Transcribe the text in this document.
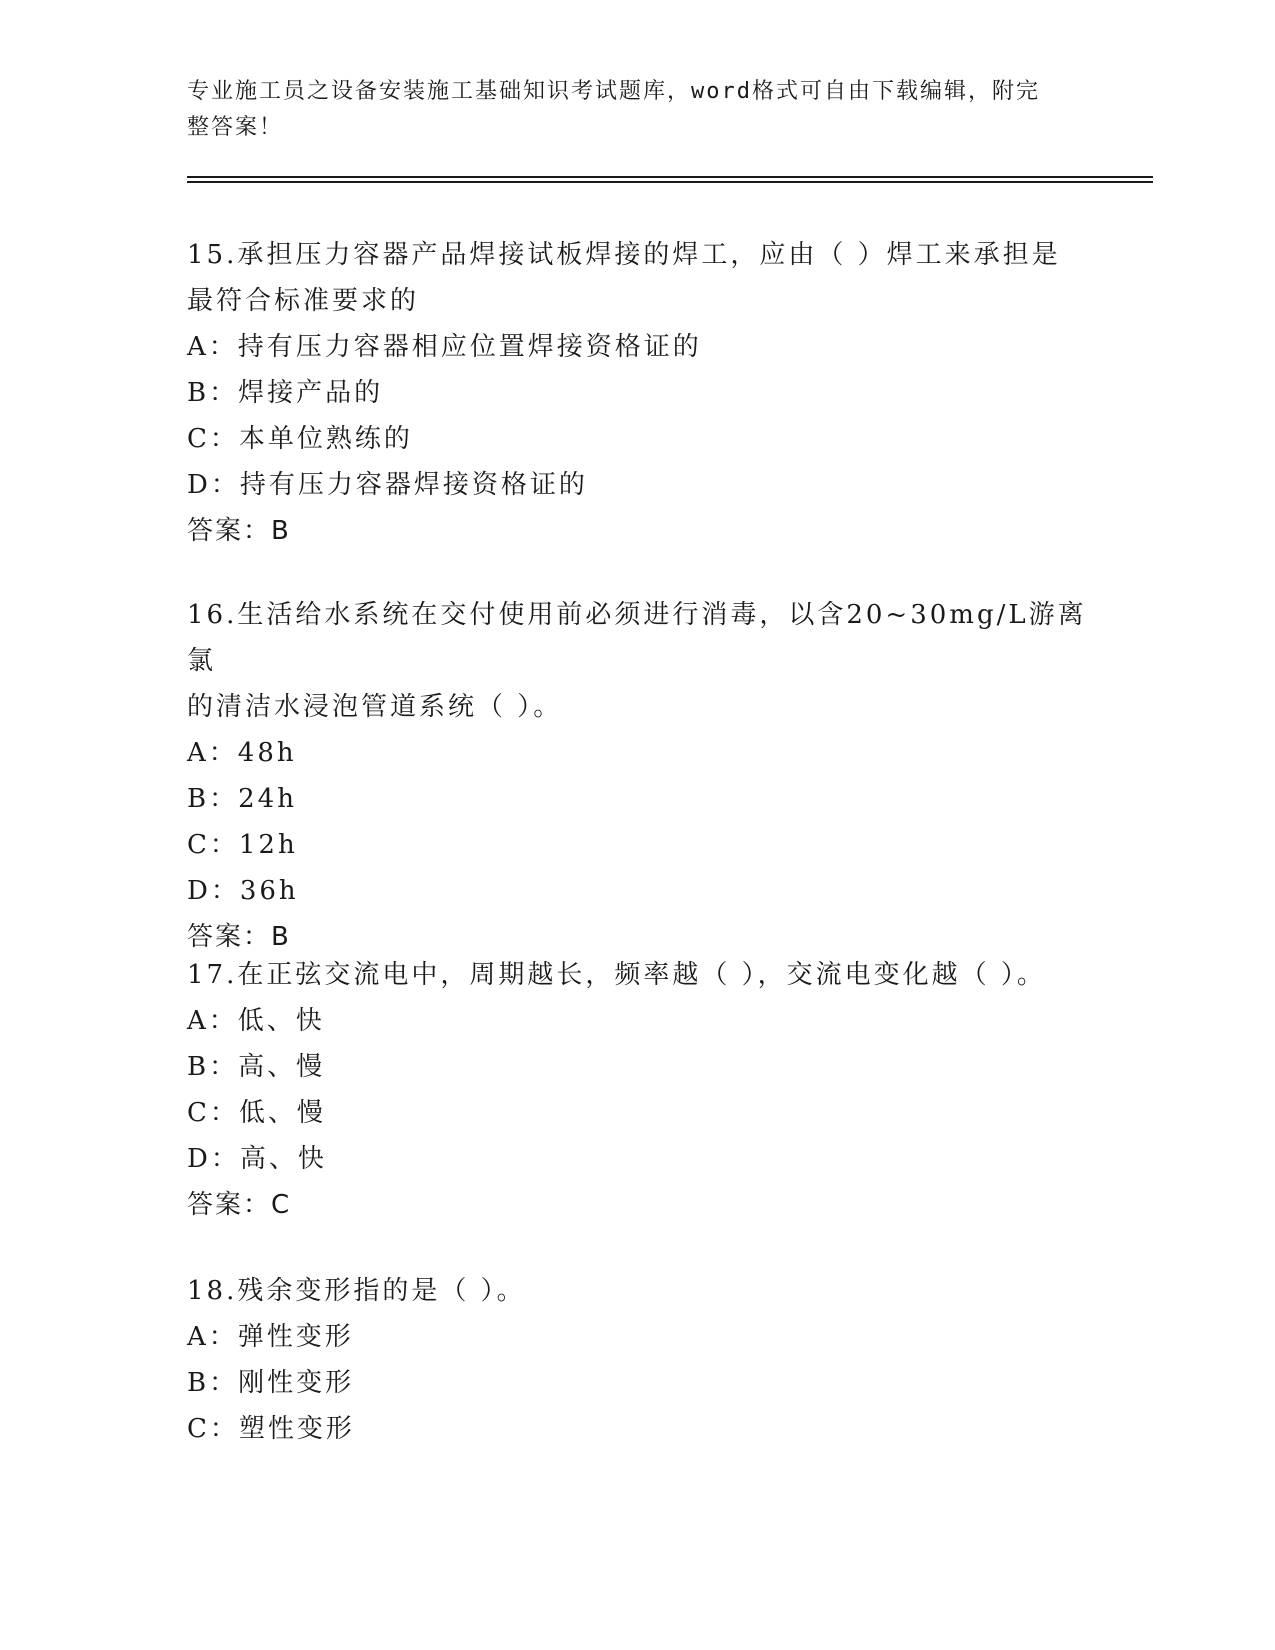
专业施工员之设备安装施工基础知识考试题库，word格式可自由下载编辑，附完
整答案！
15.承担压力容器产品焊接试板焊接的焊工，应由（ ）焊工来承担是
最符合标准要求的
A：持有压力容器相应位置焊接资格证的
B：焊接产品的
C：本单位熟练的
D：持有压力容器焊接资格证的
答案：B
16.生活给水系统在交付使用前必须进行消毒，以含20~30mg/L游离氯
的清洁水浸泡管道系统（ ）。
A：48h
B：24h
C：12h
D：36h
答案：B
17.在正弦交流电中，周期越长，频率越（ ），交流电变化越（ ）。
A：低、快
B：高、慢
C：低、慢
D：高、快
答案：C
18.残余变形指的是（ ）。
A：弹性变形
B：刚性变形
C：塑性变形
